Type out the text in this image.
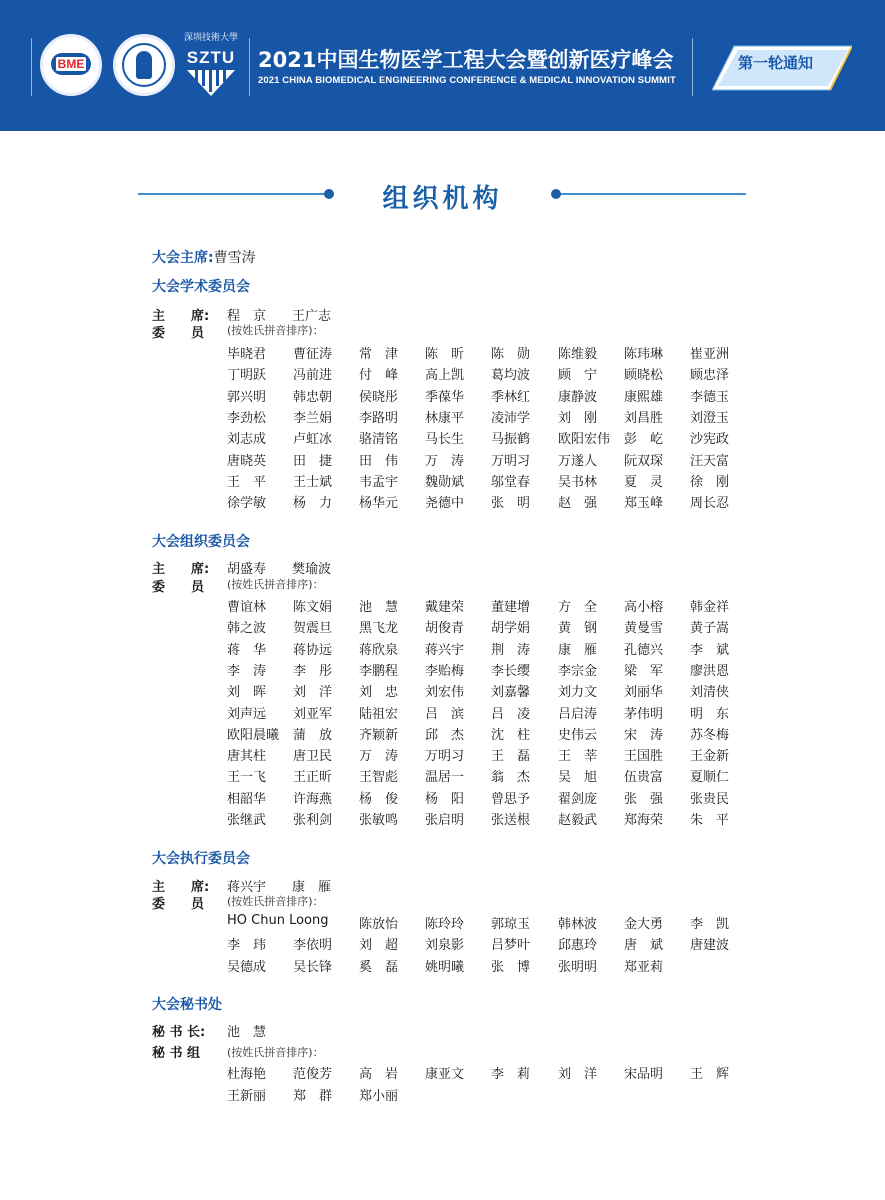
BME
深圳技術大學
SZTU 2021中国生物医学工程大会暨创新医疗峰会
2021 CHINA BIOMEDICAL ENGINEERING CONFERENCE & MEDICAL INNOVATION SUMMIT
第一轮通知
组织机构
大会主席:曹雪涛
大会学术委员会
主　　席: 程　京　　王广志
委　　员 (按姓氏拼音排序)：
毕晓君 曹征涛 常　津 陈　昕 陈　勋 陈维毅 陈玮琳 崔亚洲
丁明跃 冯前进 付　峰 高上凯 葛均波 顾　宁 顾晓松 顾忠泽
郭兴明 韩忠朝 侯晓彤 季葆华 季林红 康静波 康熙雄 李德玉
李劲松 李兰娟 李路明 林康平 凌沛学 刘　刚 刘昌胜 刘澄玉
刘志成 卢虹冰 骆清铭 马长生 马振鹤 欧阳宏伟 彭　屹 沙宪政
唐晓英 田　捷 田　伟 万　涛 万明习 万遂人 阮双琛 汪天富
王　平 王士斌 韦孟宇 魏勋斌 邬堂春 吴书林 夏　灵 徐　刚
徐学敏 杨　力 杨华元 尧德中 张　明 赵　强 郑玉峰 周长忍
大会组织委员会
主　　席: 胡盛寿　　樊瑜波
委　　员 (按姓氏拼音排序)：
曹谊林 陈文娟 池　慧 戴建荣 董建增 方　全 高小榕 韩金祥
韩之波 贺震旦 黑飞龙 胡俊青 胡学娟 黄　钢 黄曼雪 黄子嵩
蒋　华 蒋协远 蒋欣泉 蒋兴宇 荆　涛 康　雁 孔德兴 李　斌
李　涛 李　彤 李鹏程 李贻梅 李长缨 李宗金 梁　军 廖洪恩
刘　晖 刘　洋 刘　忠 刘宏伟 刘嘉馨 刘力文 刘丽华 刘清侠
刘声远 刘亚军 陆祖宏 吕　滨 吕　凌 吕启涛 茅伟明 明　东
欧阳晨曦 蒲　放 齐颖新 邱　杰 沈　柱 史伟云 宋　涛 苏冬梅
唐其柱 唐卫民 万　涛 万明习 王　磊 王　莘 王国胜 王金新
王一飞 王正昕 王智彪 温居一 翁　杰 吴　旭 伍贵富 夏顺仁
相韶华 许海燕 杨　俊 杨　阳 曾思予 翟剑庞 张　强 张贵民
张继武 张利剑 张敏鸣 张启明 张送根 赵毅武 郑海荣 朱　平
大会执行委员会
主　　席: 蒋兴宇　　康　雁
委　　员 (按姓氏拼音排序)：
HO Chun Loong 陈放怡 陈玲玲 郭琼玉 韩林波 金大勇 李　凯
李　玮 李依明 刘　超 刘泉影 吕梦叶 邱惠玲 唐　斌 唐建波
吴德成 吴长锋 奚　磊 姚明曦 张　博 张明明 郑亚莉
大会秘书处
秘 书 长: 池　慧
秘 书 组 (按姓氏拼音排序)：
杜海艳 范俊芳 高　岩 康亚文 李　莉 刘　洋 宋品明 王　辉
王新丽 郑　群 郑小丽
